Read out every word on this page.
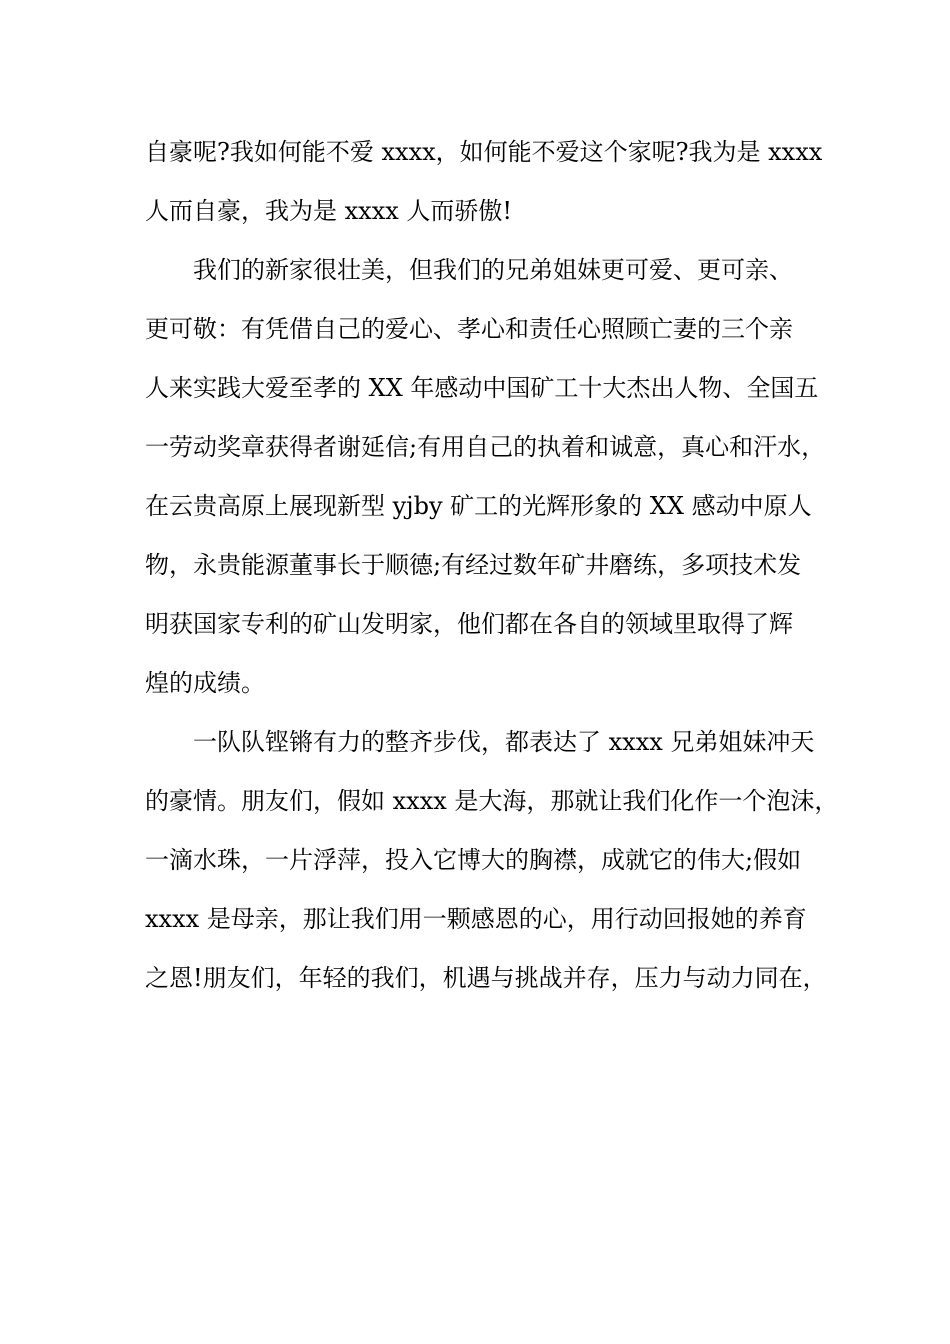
自豪呢?我如何能不爱 xxxx，如何能不爱这个家呢?我为是 xxxx
人而自豪，我为是 xxxx 人而骄傲!
我们的新家很壮美，但我们的兄弟姐妹更可爱、更可亲、
更可敬：有凭借自己的爱心、孝心和责任心照顾亡妻的三个亲
人来实践大爱至孝的 XX 年感动中国矿工十大杰出人物、全国五
一劳动奖章获得者谢延信;有用自己的执着和诚意，真心和汗水，
在云贵高原上展现新型 yjby 矿工的光辉形象的 XX 感动中原人
物，永贵能源董事长于顺德;有经过数年矿井磨练，多项技术发
明获国家专利的矿山发明家，他们都在各自的领域里取得了辉
煌的成绩。
一队队铿锵有力的整齐步伐，都表达了 xxxx 兄弟姐妹冲天
的豪情。朋友们，假如 xxxx 是大海，那就让我们化作一个泡沫，
一滴水珠，一片浮萍，投入它博大的胸襟，成就它的伟大;假如
xxxx 是母亲，那让我们用一颗感恩的心，用行动回报她的养育
之恩!朋友们，年轻的我们，机遇与挑战并存，压力与动力同在，
